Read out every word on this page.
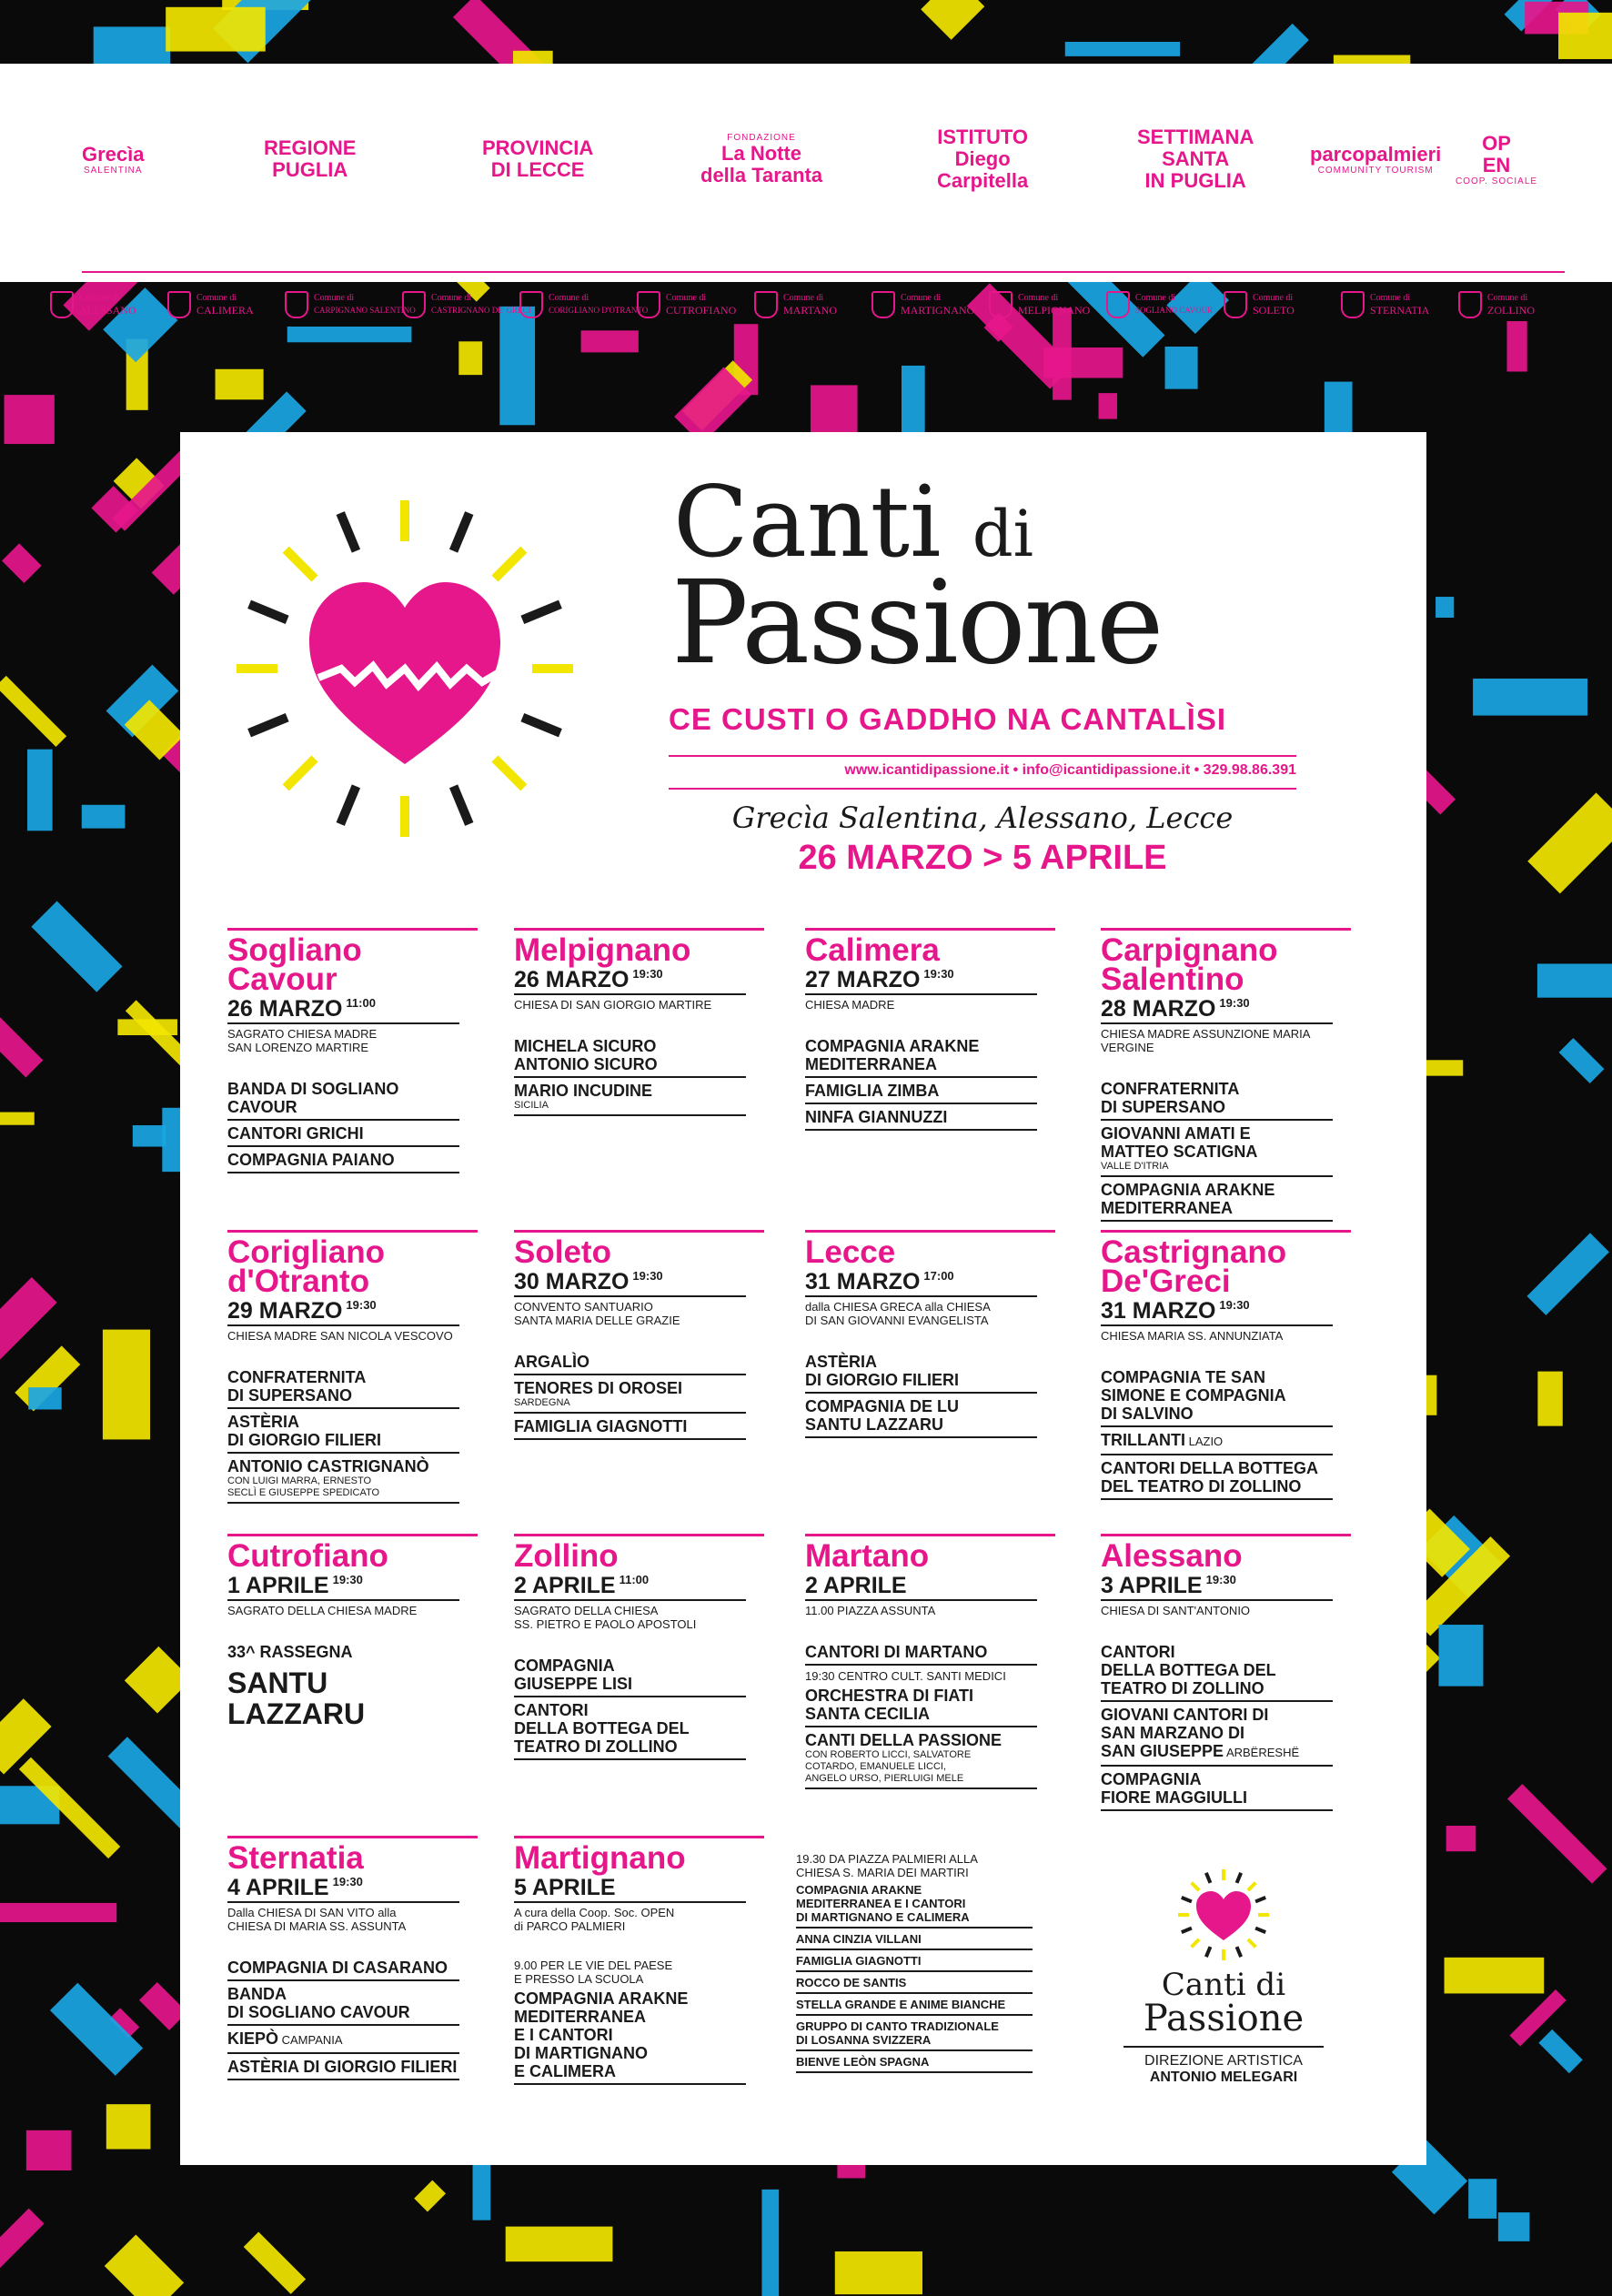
Grecìa
SALENTINA
REGIONE
PUGLIA
PROVINCIA
DI LECCE
FONDAZIONE
La Notte
della Taranta
ISTITUTO
Diego
Carpitella
SETTIMANA
SANTA
IN PUGLIA
parcopalmieri
COMMUNITY TOURISM
OP
EN
COOP. SOCIALE
Comune di
ALESSANO
Comune di
CALIMERA
Comune di
CARPIGNANO SALENTINO
Comune di
CASTRIGNANO DE' GRECI
Comune di
CORIGLIANO D'OTRANTO
Comune di
CUTROFIANO
Comune di
MARTANO
Comune di
MARTIGNANO
Comune di
MELPIGNANO
Comune di
SOGLIANO CAVOUR
Comune di
SOLETO
Comune di
STERNATIA
Comune di
ZOLLINO
Canti di
Passione
CE CUSTI O GADDHO NA CANTALÌSI
www.icantidipassione.it • info@icantidipassione.it • 329.98.86.391
Grecìa Salentina, Alessano, Lecce
26 MARZO > 5 APRILE
Sogliano
Cavour
26 MARZO $^{11:00}$
SAGRATO CHIESA MADRE
SAN LORENZO MARTIRE
BANDA DI SOGLIANO
CAVOUR
CANTORI GRICHI
COMPAGNIA PAIANO
Melpignano
26 MARZO $^{19:30}$
CHIESA DI SAN GIORGIO MARTIRE
MICHELA SICURO
ANTONIO SICURO
MARIO INCUDINE
SICILIA
Calimera
27 MARZO $^{19:30}$
CHIESA MADRE
COMPAGNIA ARAKNE
MEDITERRANEA
FAMIGLIA ZIMBA
NINFA GIANNUZZI
Carpignano
Salentino
28 MARZO $^{19:30}$
CHIESA MADRE ASSUNZIONE MARIA VERGINE
CONFRATERNITA
DI SUPERSANO
GIOVANNI AMATI E
MATTEO SCATIGNA
VALLE D'ITRIA
COMPAGNIA ARAKNE
MEDITERRANEA
Corigliano
d'Otranto
29 MARZO $^{19:30}$
CHIESA MADRE SAN NICOLA VESCOVO
CONFRATERNITA
DI SUPERSANO
ASTÈRIA
DI GIORGIO FILIERI
ANTONIO CASTRIGNANÒ
CON LUIGI MARRA, ERNESTO
SECLÌ E GIUSEPPE SPEDICATO
Soleto
30 MARZO $^{19:30}$
CONVENTO SANTUARIO
SANTA MARIA DELLE GRAZIE
ARGALÌO
TENORES DI OROSEI
SARDEGNA
FAMIGLIA GIAGNOTTI
Lecce
31 MARZO $^{17:00}$
dalla CHIESA GRECA alla CHIESA
DI SAN GIOVANNI EVANGELISTA
ASTÈRIA
DI GIORGIO FILIERI
COMPAGNIA DE LU
SANTU LAZZARU
Castrignano
De'Greci
31 MARZO $^{19:30}$
CHIESA MARIA SS. ANNUNZIATA
COMPAGNIA TE SAN
SIMONE E COMPAGNIA
DI SALVINO
TRILLANTI LAZIO
CANTORI DELLA BOTTEGA
DEL TEATRO DI ZOLLINO
Cutrofiano
1 APRILE $^{19:30}$
SAGRATO DELLA CHIESA MADRE
33^ RASSEGNA
SANTU
LAZZARU
Zollino
2 APRILE $^{11:00}$
SAGRATO DELLA CHIESA
SS. PIETRO E PAOLO APOSTOLI
COMPAGNIA
GIUSEPPE LISI
CANTORI
DELLA BOTTEGA DEL
TEATRO DI ZOLLINO
Martano
2 APRILE
11.00 PIAZZA ASSUNTA
CANTORI DI MARTANO
19:30 CENTRO CULT. SANTI MEDICI
ORCHESTRA DI FIATI
SANTA CECILIA
CANTI DELLA PASSIONE
CON ROBERTO LICCI, SALVATORE
COTARDO, EMANUELE LICCI,
ANGELO URSO, PIERLUIGI MELE
Alessano
3 APRILE $^{19:30}$
CHIESA DI SANT'ANTONIO
CANTORI
DELLA BOTTEGA DEL
TEATRO DI ZOLLINO
GIOVANI CANTORI DI
SAN MARZANO DI
SAN GIUSEPPE ARBËRESHË
COMPAGNIA
FIORE MAGGIULLI
Sternatia
4 APRILE $^{19:30}$
Dalla CHIESA DI SAN VITO alla
CHIESA DI MARIA SS. ASSUNTA
COMPAGNIA DI CASARANO
BANDA
DI SOGLIANO CAVOUR
KIEPÒ CAMPANIA
ASTÈRIA DI GIORGIO FILIERI
Martignano
5 APRILE
A cura della Coop. Soc. OPEN
di PARCO PALMIERI
9.00 PER LE VIE DEL PAESE
E PRESSO LA SCUOLA
COMPAGNIA ARAKNE
MEDITERRANEA
E I CANTORI
DI MARTIGNANO
E CALIMERA
19.30 DA PIAZZA PALMIERI ALLA
CHIESA S. MARIA DEI MARTIRI
COMPAGNIA ARAKNE
MEDITERRANEA E I CANTORI
DI MARTIGNANO E CALIMERA
ANNA CINZIA VILLANI
FAMIGLIA GIAGNOTTI
ROCCO DE SANTIS
STELLA GRANDE E ANIME BIANCHE
GRUPPO DI CANTO TRADIZIONALE
DI LOSANNA SVIZZERA
BIENVE LEÒN SPAGNA
Canti di
Passione
DIREZIONE ARTISTICA
ANTONIO MELEGARI
